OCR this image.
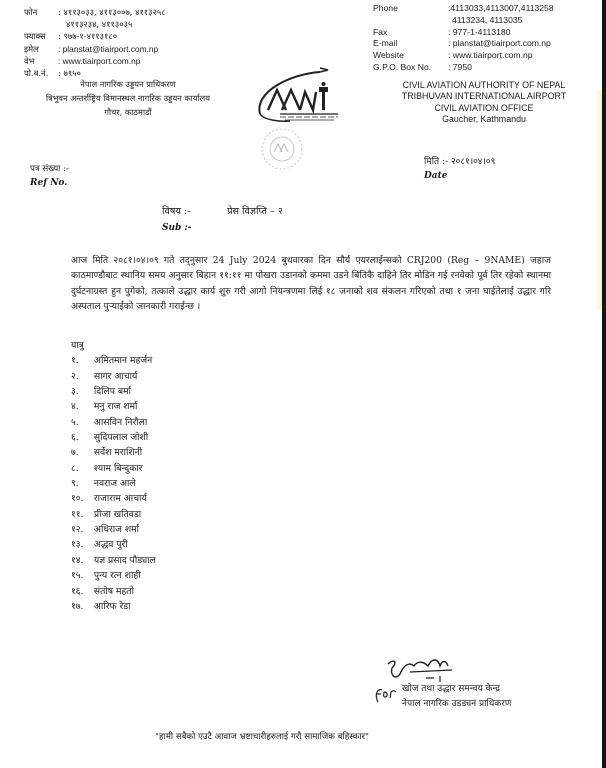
फोन	: ४११३०३३, ४११३००७, ४११३२५८
४११३२३४, ४११३०३५
फ्याक्स	: ९७७-१-४११३१८०
इमेल	: planstat@tiairport.com.np
वेभ	: www.tiairport.com.np
पो.ब.नं.	: ७९५०
नेपाल नागरिक उड्डयन प्राधिकरण
त्रिभुवन अन्तर्राष्ट्रिय विमानस्थल नागरिक उड्डयन कार्यालय
गौचर, काठमाडौं
Phone	:4113033,4113007,4113258
4113234, 4113035
Fax	: 977-1-4113180
E-mail	: planstat@tiairport.com.np
Website	: www.tiairport.com.np
G.P.O. Box No.	: 7950
CIVIL AVIATION AUTHORITY OF NEPAL
TRIBHUVAN INTERNATIONAL AIRPORT
CIVIL AVIATION OFFICE
Gaucher, Kathmandu
पत्र संख्या :-
Ref No.
मिति :- २०८१।०४।०९
Date
विषय :-	प्रेस विज्ञप्ति – २
Sub :-
आज मिति २०८१।०४।०९ गते तद्नुसार 24 July 2024 बुधवारका दिन सौर्य एयरलाईन्सको CRJ200 (Reg – 9NAME) जहाज काठमाण्डौबाट स्थानिय समय अनुसार बिहान ११:११ मा पोखरा उडानको कममा उडने बितिकै दाहिने तिर मोडिन गई रनवेको पूर्व तिर रहेको स्थानमा दुर्घटनाग्रस्त हुन पुगेको, तत्काले उद्धार कार्य शुरु गरी आगो नियन्त्रणमा लिई १८ जनाको शव संकलन गरिएको तथा १ जना घाईतेलाई उद्धार गरि अस्पताल पुर्‍याईको जानकारी गराईन्छ ।
यात्रु
१. अमितमान महर्जन
२. सागर आचार्य
३. दिलिप बर्मा
४. मनु राज शर्मा
५. आसविन निरौला
६. सुदिपलाल जोशी
७. सर्वेश मराशिनी
८. श्याम बिन्दुकार
९. नवराज आले
१०. राजाराम आचार्य
११. प्रीजा खतिवडा
१२. अधिराज शर्मा
१३. अद्धव पुरी
१४. यज्ञ प्रसाद पौड्याल
१५. पुन्य रत्न शाही
१६. संतोष महतो
१७. आरिफ रेडा
खोज तथा उद्धार समन्वय केन्द्र
नेपाल नागरिक उडड्यन प्राधिकरण
"हामी सबैको एउटै आवाज भ्रष्टाचारीहरुलाई गरौ सामाजिक बहिस्कार"
